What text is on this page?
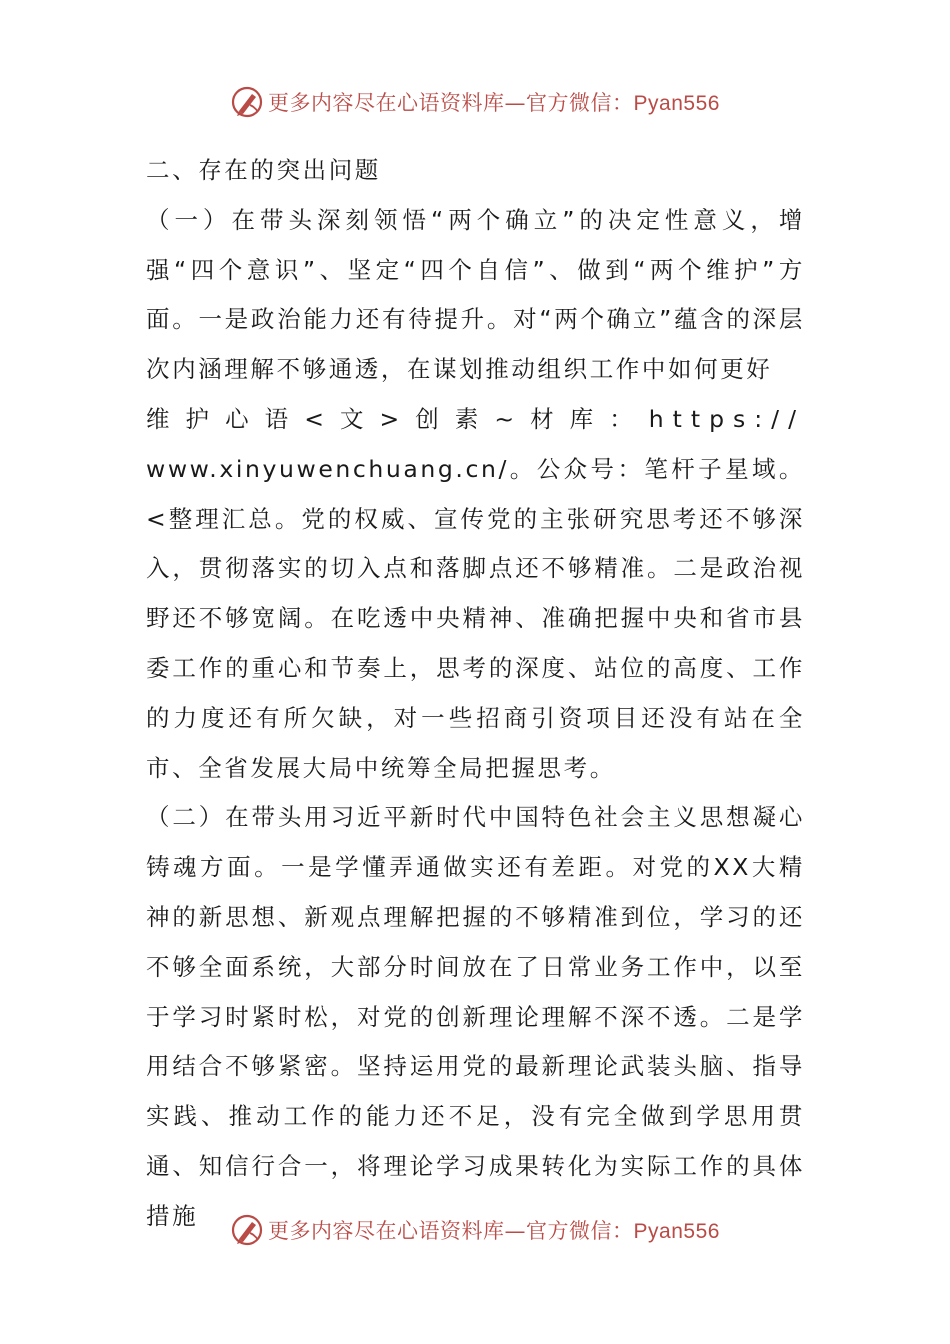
更多内容尽在心语资料库—官方微信：Pyan556

二、存在的突出问题

（一）在带头深刻领悟“两个确立”的决定性意义，增强“四个意识”、坚定“四个自信”、做到“两个维护”方面。一是政治能力还有待提升。对“两个确立”蕴含的深层次内涵理解不够通透，在谋划推动组织工作中如何更好

维护心语<文>创素~材库：https://

www.xinyuwenchuang.cn/。公众号：笔杆子星域。<整理汇总。党的权威、宣传党的主张研究思考还不够深入，贯彻落实的切入点和落脚点还不够精准。二是政治视野还不够宽阔。在吃透中央精神、准确把握中央和省市县委工作的重心和节奏上，思考的深度、站位的高度、工作的力度还有所欠缺，对一些招商引资项目还没有站在全市、全省发展大局中统筹全局把握思考。

（二）在带头用习近平新时代中国特色社会主义思想凝心铸魂方面。一是学懂弄通做实还有差距。对党的XX大精神的新思想、新观点理解把握的不够精准到位，学习的还不够全面系统，大部分时间放在了日常业务工作中，以至于学习时紧时松，对党的创新理论理解不深不透。二是学用结合不够紧密。坚持运用党的最新理论武装头脑、指导实践、推动工作的能力还不足，没有完全做到学思用贯通、知信行合一，将理论学习成果转化为实际工作的具体措施

更多内容尽在心语资料库—官方微信：Pyan556
